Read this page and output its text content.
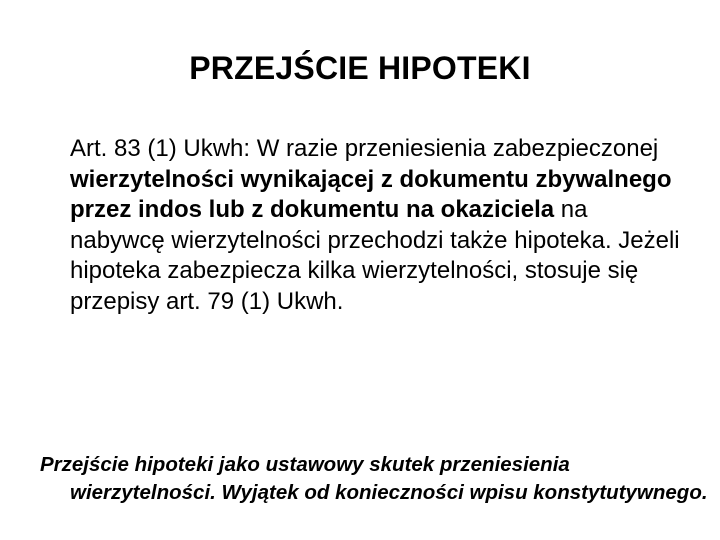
PRZEJŚCIE HIPOTEKI

Art. 83 (1) Ukwh: W razie przeniesienia zabezpieczonej wierzytelności wynikającej z dokumentu zbywalnego przez indos lub z dokumentu na okaziciela na nabywcę wierzytelności przechodzi także hipoteka. Jeżeli hipoteka zabezpiecza kilka wierzytelności, stosuje się przepisy art. 79 (1) Ukwh.

Przejście hipoteki jako ustawowy skutek przeniesienia wierzytelności. Wyjątek od konieczności wpisu konstytutywnego.
